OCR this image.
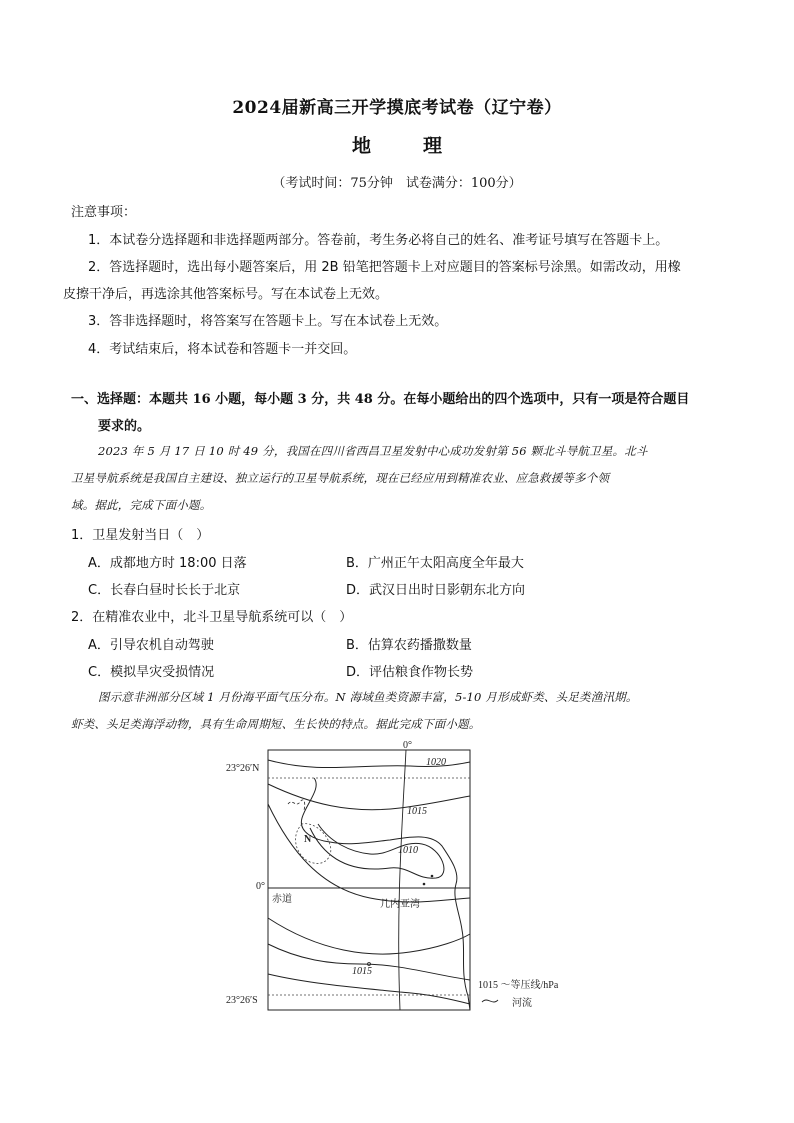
2024届新高三开学摸底考试卷（辽宁卷）
地	理
（考试时间：75分钟　试卷满分：100分）
注意事项：
1．本试卷分选择题和非选择题两部分。答卷前，考生务必将自己的姓名、准考证号填写在答题卡上。
2．答选择题时，选出每小题答案后，用 2B 铅笔把答题卡上对应题目的答案标号涂黑。如需改动，用橡
皮擦干净后，再选涂其他答案标号。写在本试卷上无效。
3．答非选择题时，将答案写在答题卡上。写在本试卷上无效。
4．考试结束后，将本试卷和答题卡一并交回。
一、选择题：本题共 16 小题，每小题 3 分，共 48 分。在每小题给出的四个选项中，只有一项是符合题目
要求的。
2023 年 5 月 17 日 10 时 49 分，我国在四川省西昌卫星发射中心成功发射第 56 颗北斗导航卫星。北斗
卫星导航系统是我国自主建设、独立运行的卫星导航系统，现在已经应用到精准农业、应急救援等多个领
域。据此，完成下面小题。
1．卫星发射当日（　）
A．成都地方时 18:00 日落	B．广州正午太阳高度全年最大
C．长春白昼时长长于北京	D．武汉日出时日影朝东北方向
2．在精准农业中，北斗卫星导航系统可以（　）
A．引导农机自动驾驶	B．估算农药播撒数量
C．模拟旱灾受损情况	D．评估粮食作物长势
图示意非洲部分区域 1 月份海平面气压分布。N 海域鱼类资源丰富，5-10 月形成虾类、头足类渔汛期。
虾类、头足类海浮动物，具有生命周期短、生长快的特点。据此完成下面小题。
23°26′N
0°
23°26′S
0°
赤道	几内亚湾
1020
1015
1010
1015
N
1015 ～等压线/hPa
河流
